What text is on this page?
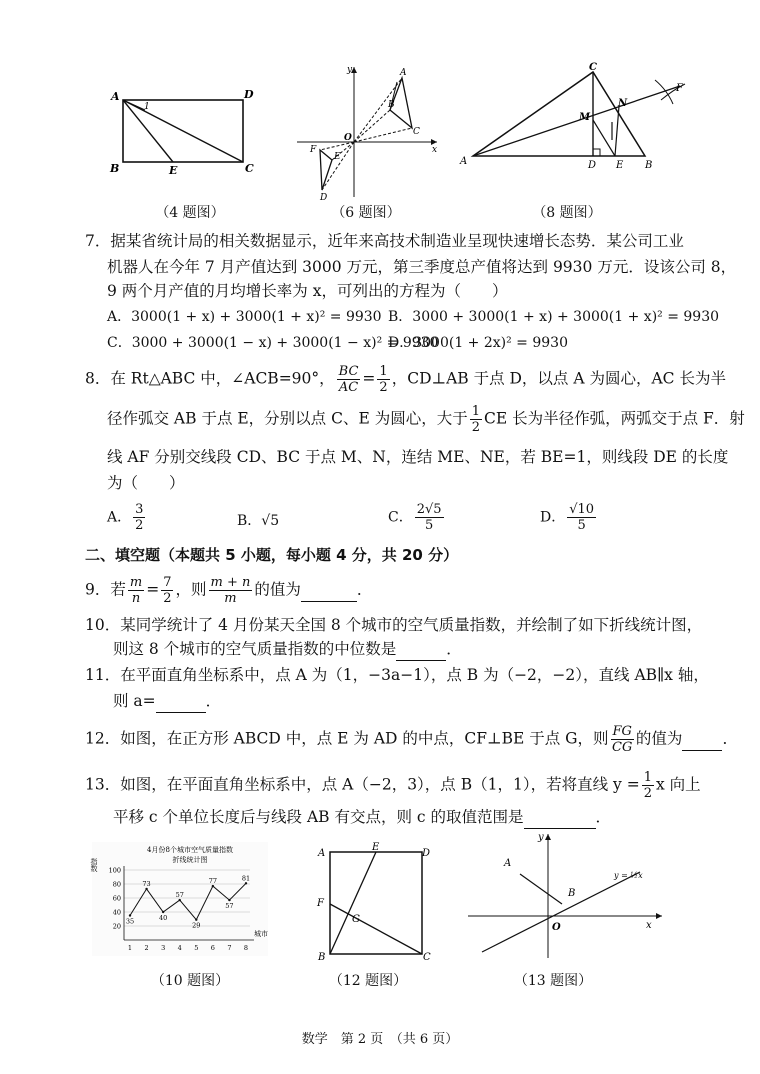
A	D
B	E	C
1
（4 题图）
y	A
B
C
O
x
E
F
D
（6 题图）
C
F
M
N
A	D E B
（8 题图）
7．据某省统计局的相关数据显示，近年来高技术制造业呈现快速增长态势．某公司工业
机器人在今年 7 月产值达到 3000 万元，第三季度总产值将达到 9930 万元．设该公司 8，
9 两个月产值的月均增长率为 x，可列出的方程为（　　）
A．3000(1 + x) + 3000(1 + x)² = 9930 B．3000 + 3000(1 + x) + 3000(1 + x)² = 9930
C．3000 + 3000(1 − x) + 3000(1 − x)² = 9930
D．3000(1 + 2x)² = 9930
8．在 Rt△ABC 中，∠ACB=90°， $\frac{BC}{AC} = \frac{1}{2}$ ，CD⊥AB 于点 D，以点 A 为圆心，AC 长为半
径作弧交 AB 于点 E，分别以点 C、E 为圆心，大于 $\frac{1}{2}$ CE 长为半径作弧，两弧交于点 F．射
线 AF 分别交线段 CD、BC 于点 M、N，连结 ME、NE，若 BE=1，则线段 DE 的长度
为（　　）
A． $\frac{3}{2}$	B．√5	C． $\frac{2√5}{5}$	D． $\frac{√10}{5}$
二、填空题（本题共 5 小题，每小题 4 分，共 20 分）
9．若 $\frac{m}{n} = \frac{7}{2}$ ，则 $\frac{m + n}{m}$ 的值为	．
10．某同学统计了 4 月份某天全国 8 个城市的空气质量指数，并绘制了如下折线统计图，
则这 8 个城市的空气质量指数的中位数是	．
11．在平面直角坐标系中，点 A 为（1，−3a−1），点 B 为（−2，−2），直线 AB∥x 轴，
则 a=	．
12．如图，在正方形 ABCD 中，点 E 为 AD 的中点，CF⊥BE 于点 G，则 $\frac{FG}{CG}$ 的值为	．
13．如图，在平面直角坐标系中，点 A（−2，3），点 B（1，1），若将直线 $y = \frac{1}{2}$ x 向上
平移 c 个单位长度后与线段 AB 有交点，则 c 的取值范围是	．
4月份8个城市空气质量指数
折线统计图
指数
城市
20
40
60
80
100
1 2 3 4 5 6 7 8
35
73
40
57
29
77
57
81
（10 题图）
A
E
D
F
G
B	C
（12 题图）
y
A
B
O	x
y = ½x
（13 题图）
数学　第 2 页　（共 6 页）
